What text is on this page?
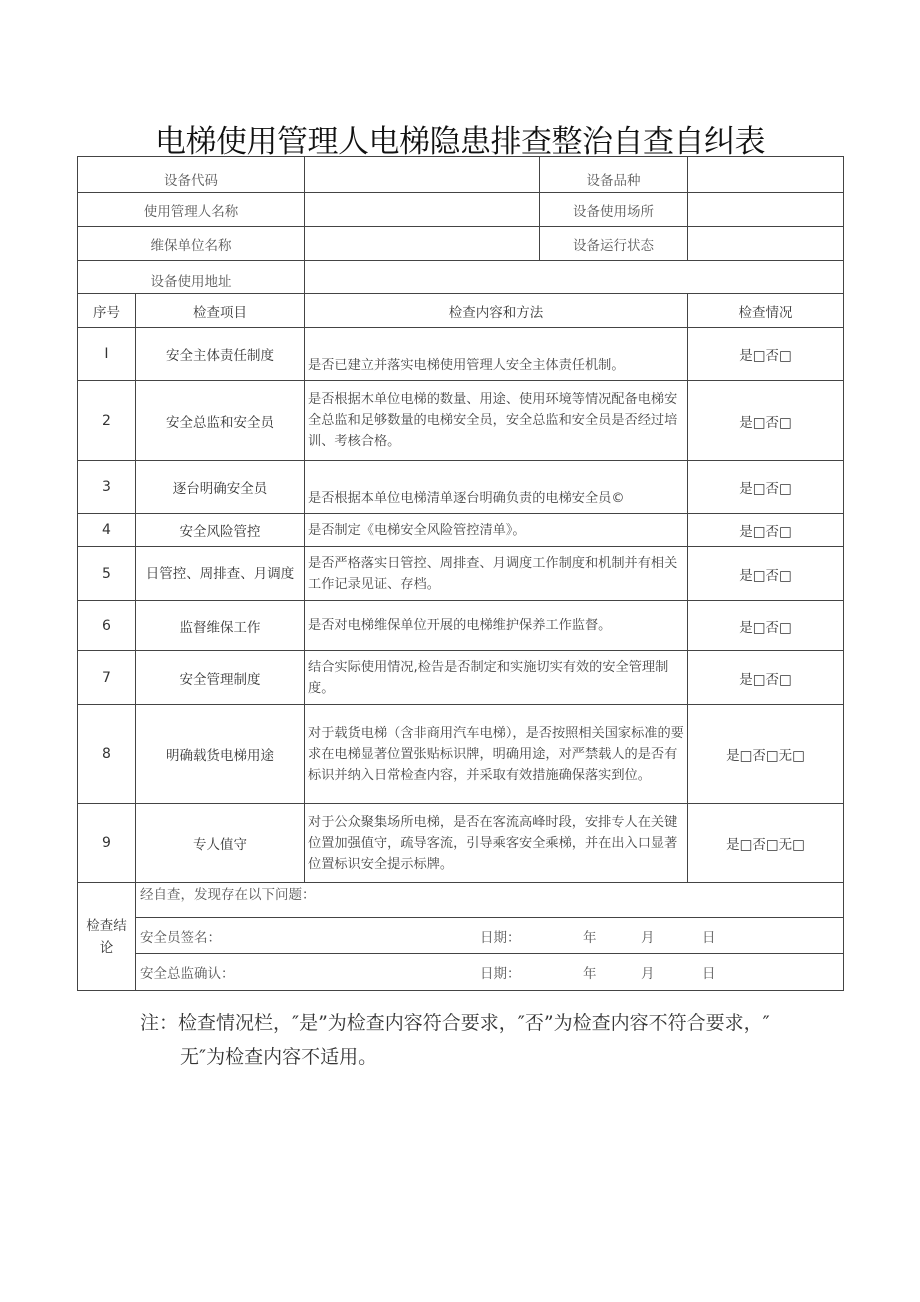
电梯使用管理人电梯隐患排查整治自查自纠表
设备代码			设备品种	
使用管理人名称			设备使用场所	
维保单位名称			设备运行状态	
设备使用地址				
序号	检查项目	检查内容和方法		检查情况
I	安全主体责任制度	是否已建立并落实电梯使用管理人安全主体责任机制。		是□否□
2	安全总监和安全员	是否根据木单位电梯的数量、用途、使用环境等情况配备电梯安全总监和足够数量的电梯安全员，安全总监和安全员是否经过培训、考核合格。		是□否□
3	逐台明确安全员	是否根据本单位电梯清单逐台明确负责的电梯安全员©		是□否□
4	安全风险管控	是否制定《电梯安全风险管控清单》。		是□否□
5	日管控、周排查、月调度	是否严格落实日管控、周排查、月调度工作制度和机制并有相关工作记录见证、存档。		是□否□
6	监督维保工作	是否对电梯维保单位开展的电梯维护保养工作监督。		是□否□
7	安全管理制度	结合实际使用情况,检告是否制定和实施切实有效的安全管理制度。		是□否□
8	明确载货电梯用途	对于载货电梯（含非商用汽车电梯），是否按照相关国家标准的要求在电梯显著位置张贴标识牌，明确用途，对严禁载人的是否有标识并纳入日常检查内容，并采取有效措施确保落实到位。		是□否□无□
9	专人值守	对于公众聚集场所电梯，是否在客流高峰时段，安排专人在关键位置加强值守，疏导客流，引导乘客安全乘梯，并在出入口显著位置标识安全提示标牌。		是□否□无□
检查结论	经自查，发现存在以下问题：			

	安全员签名： 日期： 年 月 日			

	安全总监确认： 日期： 年 月 日			
注：检查情况栏，″是”为检查内容符合要求，″否”为检查内容不符合要求，″
无″为检查内容不适用。
